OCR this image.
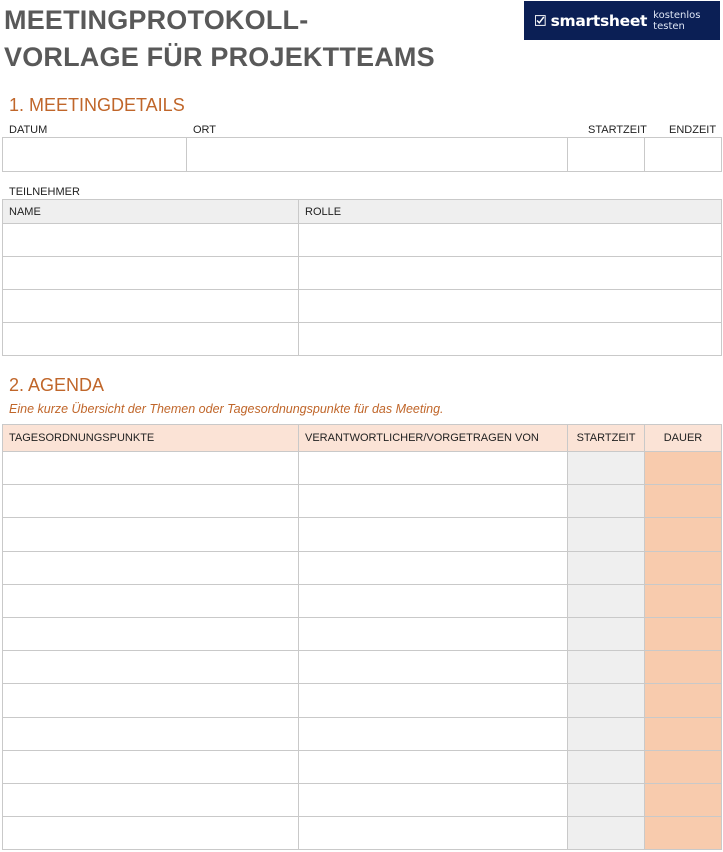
MEETINGPROTOKOLL-
VORLAGE FÜR PROJEKTTEAMS
smartsheet kostenlos testen
1. MEETINGDETAILS
DATUM	ORT	STARTZEIT ENDZEIT

TEILNEHMER
NAME	ROLLE

2. AGENDA
Eine kurze Übersicht der Themen oder Tagesordnungspunkte für das Meeting.
TAGESORDNUNGSPUNKTE	VERANTWORTLICHER/VORGETRAGEN VON	STARTZEIT	DAUER
